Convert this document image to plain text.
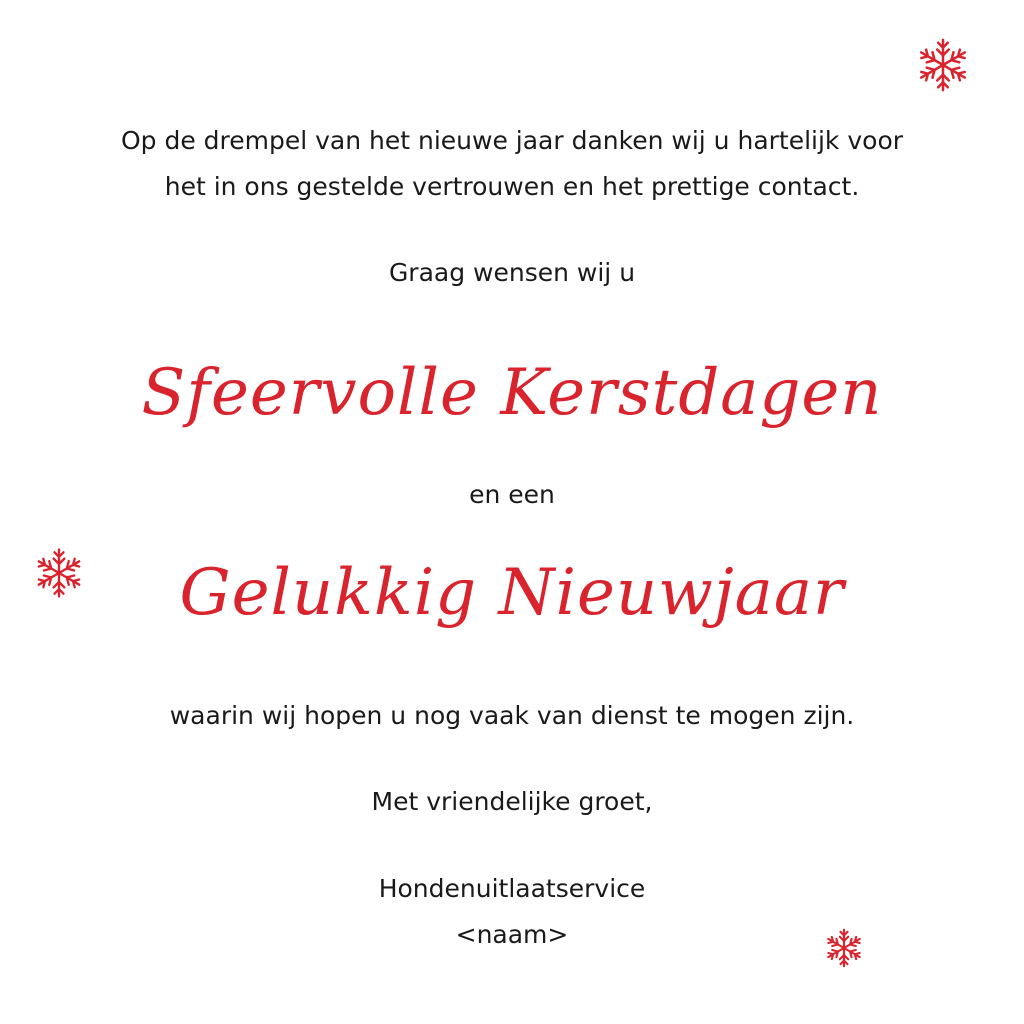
Op de drempel van het nieuwe jaar danken wij u hartelijk voor
het in ons gestelde vertrouwen en het prettige contact.
Graag wensen wij u
Sfeervolle Kerstdagen
en een
Gelukkig Nieuwjaar
waarin wij hopen u nog vaak van dienst te mogen zijn.
Met vriendelijke groet,
Hondenuitlaatservice
<naam>
